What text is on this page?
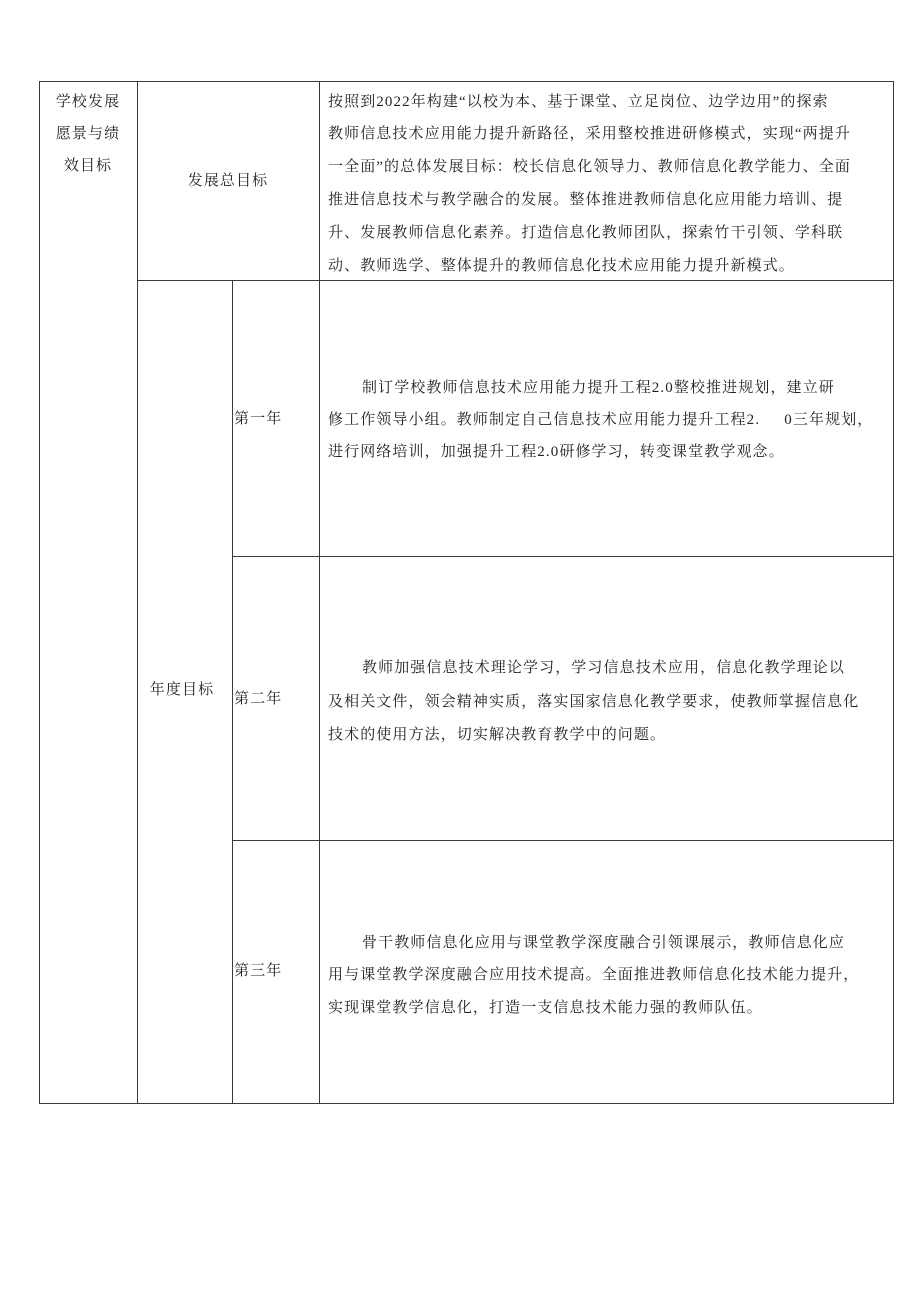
学校发展
愿景与绩
效目标
发展总目标
按照到2022年构建“以校为本、基于课堂、立足岗位、边学边用”的探索
教师信息技术应用能力提升新路径，采用整校推进研修模式，实现“两提升
一全面”的总体发展目标：校长信息化领导力、教师信息化教学能力、全面
推进信息技术与教学融合的发展。整体推进教师信息化应用能力培训、提
升、发展教师信息化素养。打造信息化教师团队，探索竹干引领、学科联
动、教师选学、整体提升的教师信息化技术应用能力提升新模式。
年度目标
第一年
制订学校教师信息技术应用能力提升工程2.0整校推进规划，建立研
修工作领导小组。教师制定自己信息技术应用能力提升工程2.     0三年规划，
进行网络培训，加强提升工程2.0研修学习，转变课堂教学观念。
第二年
教师加强信息技术理论学习，学习信息技术应用，信息化教学理论以
及相关文件，领会精神实质，落实国家信息化教学要求，使教师掌握信息化
技术的使用方法，切实解决教育教学中的问题。
第三年
骨干教师信息化应用与课堂教学深度融合引领课展示，教师信息化应
用与课堂教学深度融合应用技术提高。全面推进教师信息化技术能力提升，
实现课堂教学信息化，打造一支信息技术能力强的教师队伍。
